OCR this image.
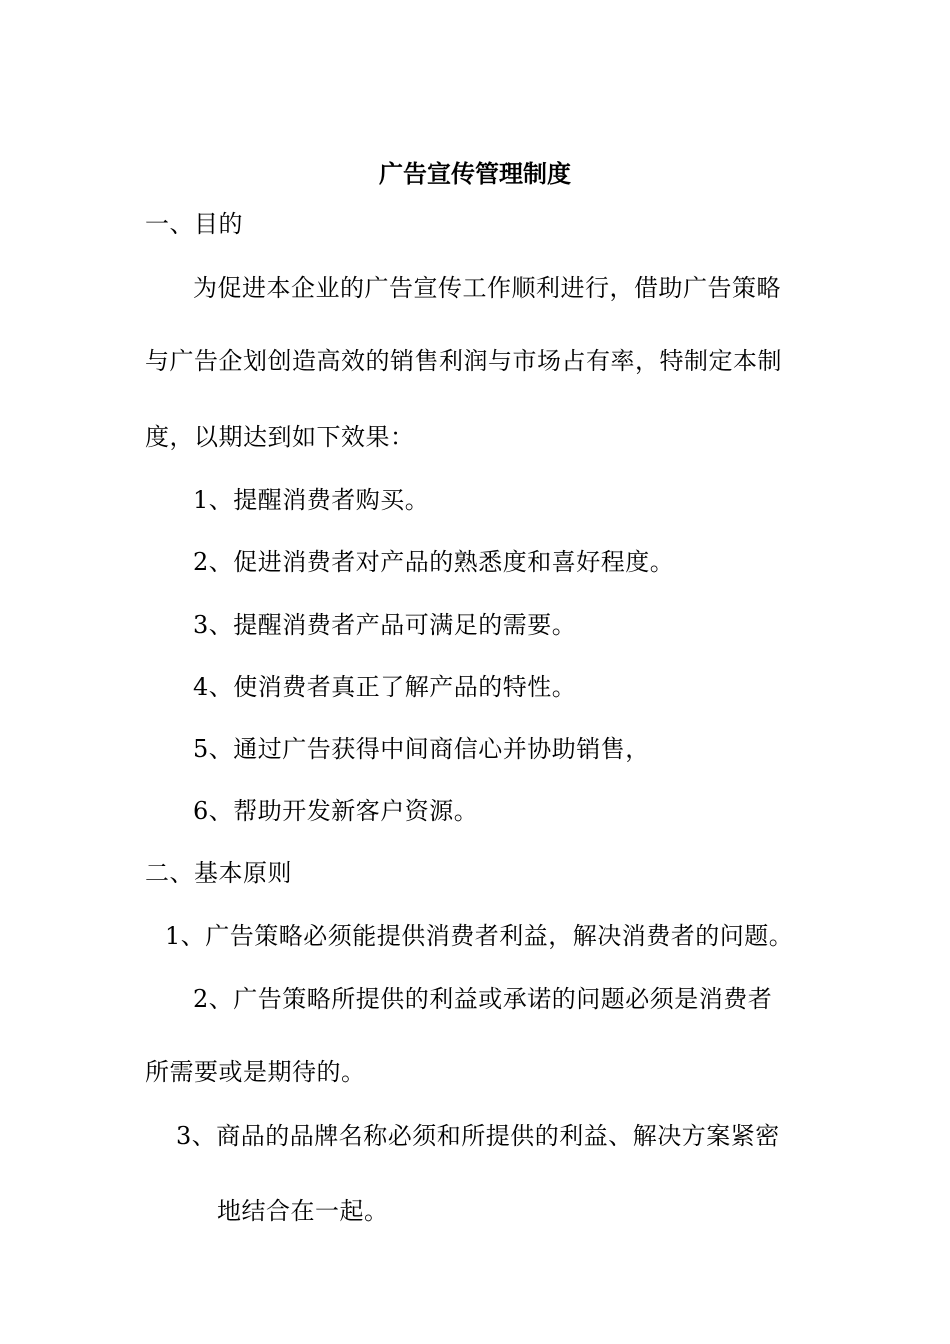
广告宣传管理制度

一、目的

为促进本企业的广告宣传工作顺利进行，借助广告策略

与广告企划创造高效的销售利润与市场占有率，特制定本制

度，以期达到如下效果：

1、提醒消费者购买。

2、促进消费者对产品的熟悉度和喜好程度。

3、提醒消费者产品可满足的需要。

4、使消费者真正了解产品的特性。

5、通过广告获得中间商信心并协助销售，

6、帮助开发新客户资源。

二、基本原则

1、广告策略必须能提供消费者利益，解决消费者的问题。

2、广告策略所提供的利益或承诺的问题必须是消费者

所需要或是期待的。

3、商品的品牌名称必须和所提供的利益、解决方案紧密

地结合在一起。
